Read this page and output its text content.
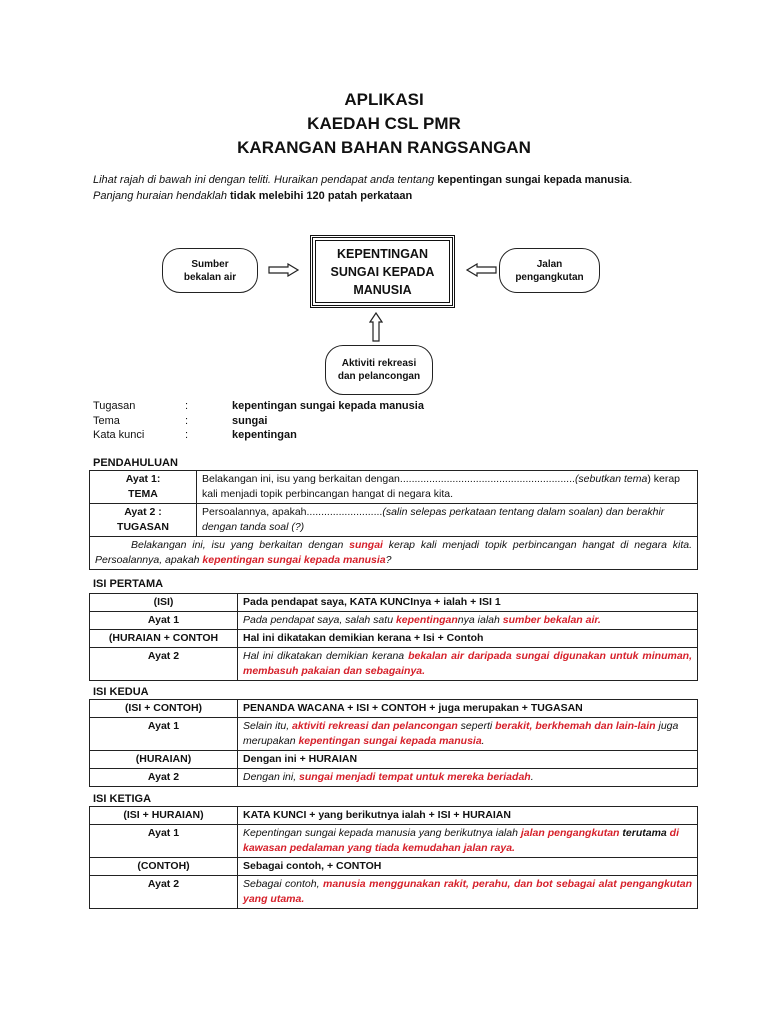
APLIKASI
KAEDAH CSL PMR
KARANGAN BAHAN RANGSANGAN
Lihat rajah di bawah ini dengan teliti. Huraikan pendapat anda tentang kepentingan sungai kepada manusia.
Panjang huraian hendaklah tidak melebihi 120 patah perkataan
Sumber
bekalan air
KEPENTINGAN
SUNGAI KEPADA
MANUSIA
Jalan
pengangkutan
Aktiviti rekreasi
dan pelancongan
Tugasan	:	kepentingan sungai kepada manusia
Tema	:	sungai
Kata kunci	:	kepentingan
PENDAHULUAN
Ayat 1:
TEMA	Belakangan ini, isu yang berkaitan dengan............................................................(sebutkan tema) kerap kali menjadi topik perbincangan hangat di negara kita.
Ayat 2 :
TUGASAN	Persoalannya, apakah..........................(salin selepas perkataan tentang dalam soalan) dan berakhir dengan tanda soal (?)
Belakangan ini, isu yang berkaitan dengan sungai kerap kali menjadi topik perbincangan hangat di negara kita. Persoalannya, apakah kepentingan sungai kepada manusia?	
ISI PERTAMA
(ISI)	Pada pendapat saya, KATA KUNCInya + ialah + ISI 1
Ayat 1	Pada pendapat saya, salah satu kepentingannya ialah sumber bekalan air.
(HURAIAN + CONTOH	Hal ini dikatakan demikian kerana + Isi + Contoh
Ayat 2	Hal ini dikatakan demikian kerana bekalan air daripada sungai digunakan untuk minuman, membasuh pakaian dan sebagainya.
ISI KEDUA
(ISI + CONTOH)	PENANDA WACANA + ISI + CONTOH + juga merupakan + TUGASAN
Ayat 1	Selain itu, aktiviti rekreasi dan pelancongan seperti berakit, berkhemah dan lain-lain juga merupakan kepentingan sungai kepada manusia.
(HURAIAN)	Dengan ini + HURAIAN
Ayat 2	Dengan ini, sungai menjadi tempat untuk mereka beriadah.
ISI KETIGA
(ISI + HURAIAN)	KATA KUNCI + yang berikutnya ialah + ISI + HURAIAN
Ayat 1	Kepentingan sungai kepada manusia yang berikutnya ialah jalan pengangkutan terutama di kawasan pedalaman yang tiada kemudahan jalan raya.
(CONTOH)	Sebagai contoh, + CONTOH
Ayat 2	Sebagai contoh, manusia menggunakan rakit, perahu, dan bot sebagai alat pengangkutan yang utama.
